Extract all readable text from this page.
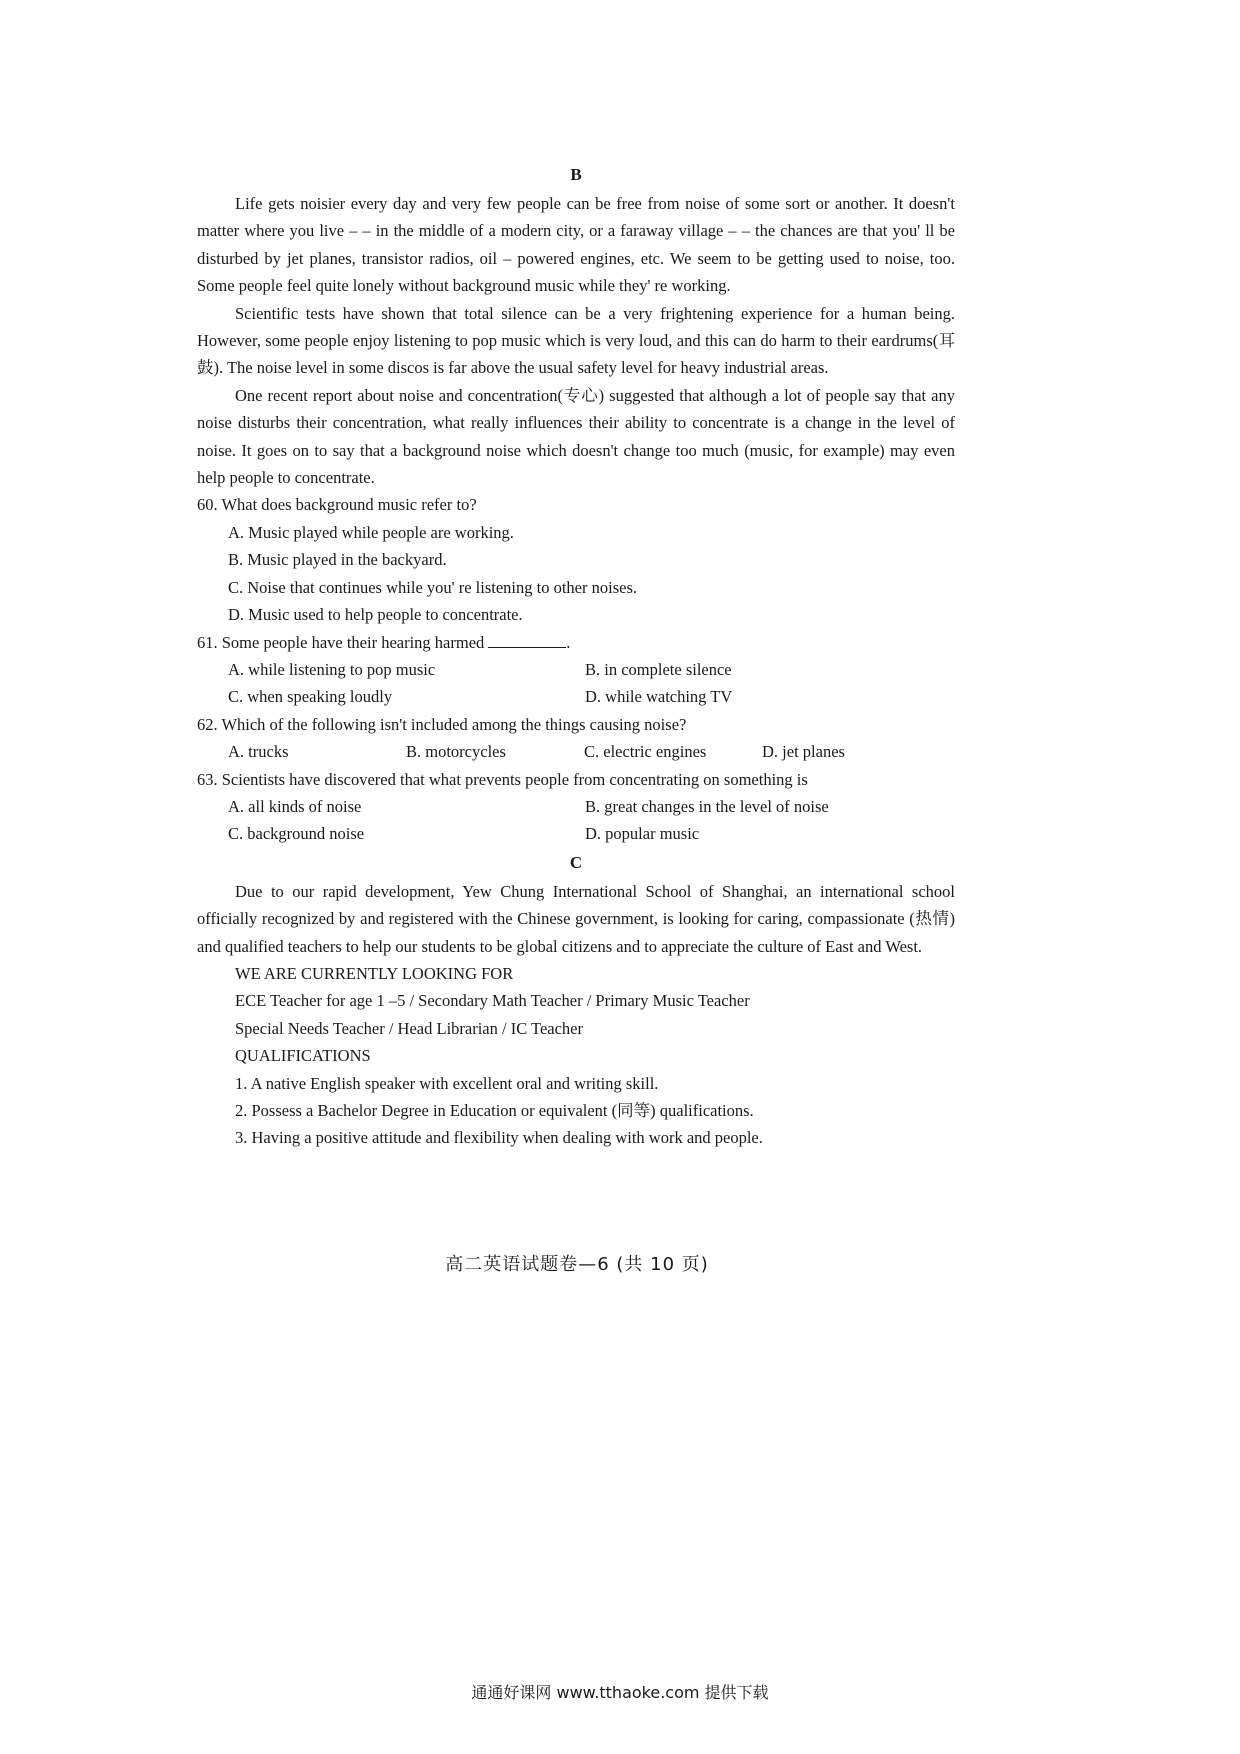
B

Life gets noisier every day and very few people can be free from noise of some sort or another. It doesn't matter where you live – – in the middle of a modern city, or a faraway village – – the chances are that you' ll be disturbed by jet planes, transistor radios, oil – powered engines, etc. We seem to be getting used to noise, too. Some people feel quite lonely without background music while they' re working.

Scientific tests have shown that total silence can be a very frightening experience for a human being. However, some people enjoy listening to pop music which is very loud, and this can do harm to their eardrums(耳鼓). The noise level in some discos is far above the usual safety level for heavy industrial areas.

One recent report about noise and concentration(专心) suggested that although a lot of people say that any noise disturbs their concentration, what really influences their ability to concentrate is a change in the level of noise. It goes on to say that a background noise which doesn't change too much (music, for example) may even help people to concentrate.

60. What does background music refer to?

A. Music played while people are working.

B. Music played in the backyard.

C. Noise that continues while you' re listening to other noises.

D. Music used to help people to concentrate.

61. Some people have their hearing harmed	.

A. while listening to pop music	B. in complete silence
C. when speaking loudly	D. while watching TV

62. Which of the following isn't included among the things causing noise?

A. trucks	B. motorcycles	C. electric engines	D. jet planes

63. Scientists have discovered that what prevents people from concentrating on something is

A. all kinds of noise	B. great changes in the level of noise
C. background noise	D. popular music
C

Due to our rapid development, Yew Chung International School of Shanghai, an international school officially recognized by and registered with the Chinese government, is looking for caring, compassionate (热情) and qualified teachers to help our students to be global citizens and to appreciate the culture of East and West.

WE ARE CURRENTLY LOOKING FOR

ECE Teacher for age 1 –5 / Secondary Math Teacher / Primary Music Teacher

Special Needs Teacher / Head Librarian / IC Teacher

QUALIFICATIONS

1. A native English speaker with excellent oral and writing skill.

2. Possess a Bachelor Degree in Education or equivalent (同等) qualifications.

3. Having a positive attitude and flexibility when dealing with work and people.

高二英语试题卷—6 (共 10 页)
通通好课网 www.tthaoke.com 提供下载
